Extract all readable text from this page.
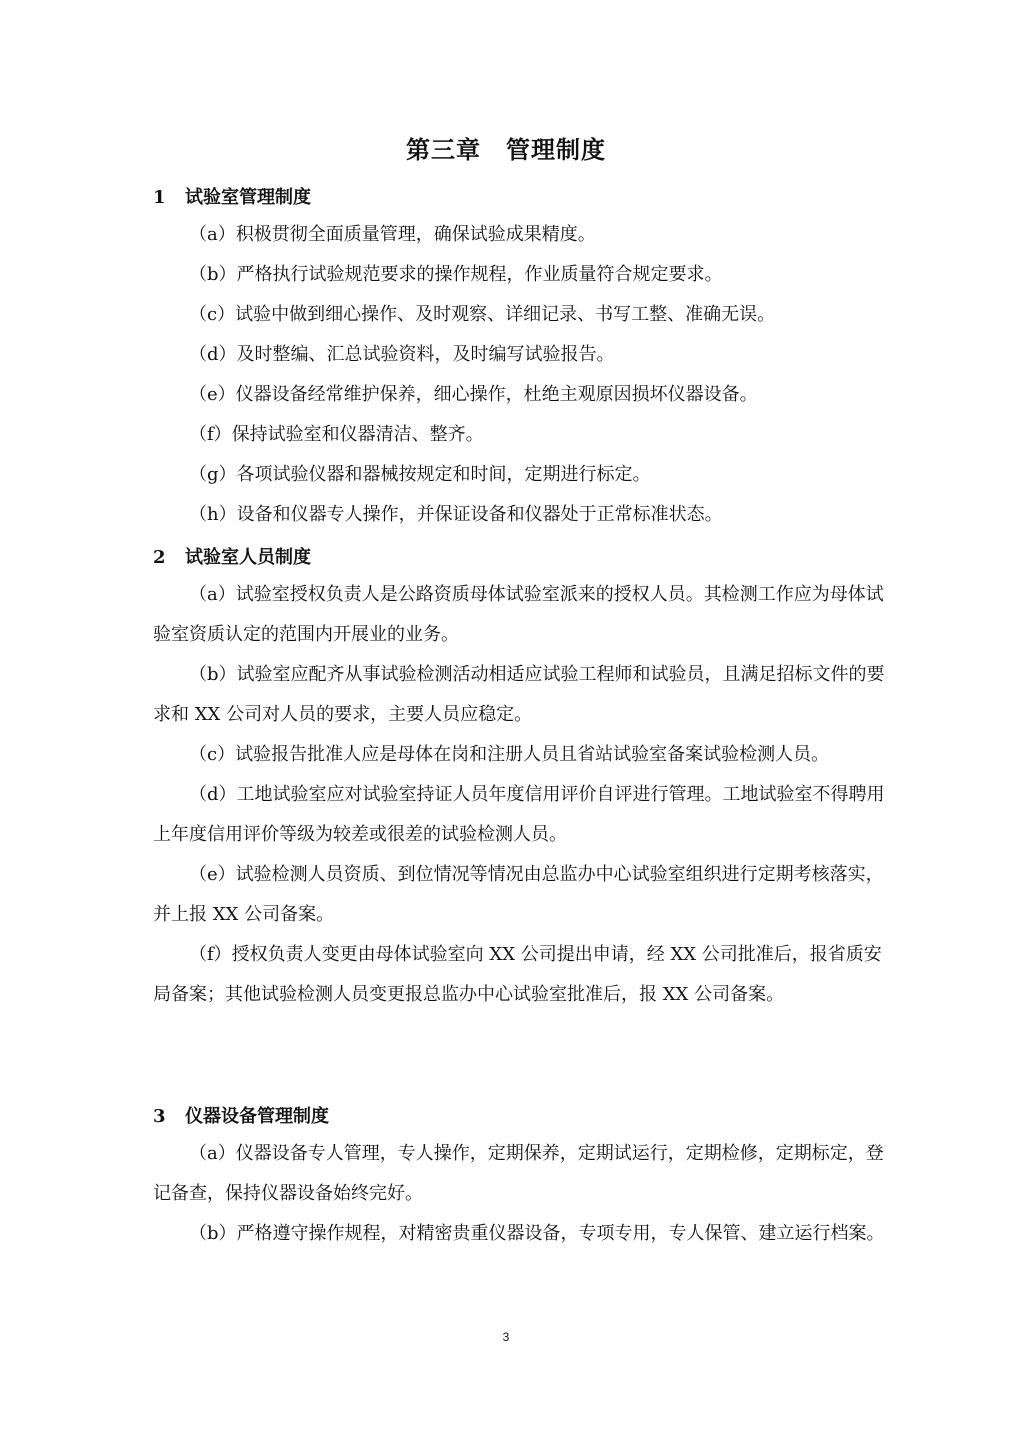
第三章　管理制度
1	试验室管理制度

（a）积极贯彻全面质量管理，确保试验成果精度。

（b）严格执行试验规范要求的操作规程，作业质量符合规定要求。

（c）试验中做到细心操作、及时观察、详细记录、书写工整、准确无误。

（d）及时整编、汇总试验资料，及时编写试验报告。

（e）仪器设备经常维护保养，细心操作，杜绝主观原因损坏仪器设备。

（f）保持试验室和仪器清洁、整齐。

（g）各项试验仪器和器械按规定和时间，定期进行标定。

（h）设备和仪器专人操作，并保证设备和仪器处于正常标准状态。

2	试验室人员制度

（a）试验室授权负责人是公路资质母体试验室派来的授权人员。其检测工作应为母体试验室资质认定的范围内开展业的业务。

（b）试验室应配齐从事试验检测活动相适应试验工程师和试验员，且满足招标文件的要求和 XX 公司对人员的要求，主要人员应稳定。

（c）试验报告批准人应是母体在岗和注册人员且省站试验室备案试验检测人员。

（d）工地试验室应对试验室持证人员年度信用评价自评进行管理。工地试验室不得聘用上年度信用评价等级为较差或很差的试验检测人员。

（e）试验检测人员资质、到位情况等情况由总监办中心试验室组织进行定期考核落实，并上报 XX 公司备案。

（f）授权负责人变更由母体试验室向 XX 公司提出申请，经 XX 公司批准后，报省质安局备案；其他试验检测人员变更报总监办中心试验室批准后，报 XX 公司备案。

3	仪器设备管理制度

（a）仪器设备专人管理，专人操作，定期保养，定期试运行，定期检修，定期标定，登记备查，保持仪器设备始终完好。

（b）严格遵守操作规程，对精密贵重仪器设备，专项专用，专人保管、建立运行档案。

3
